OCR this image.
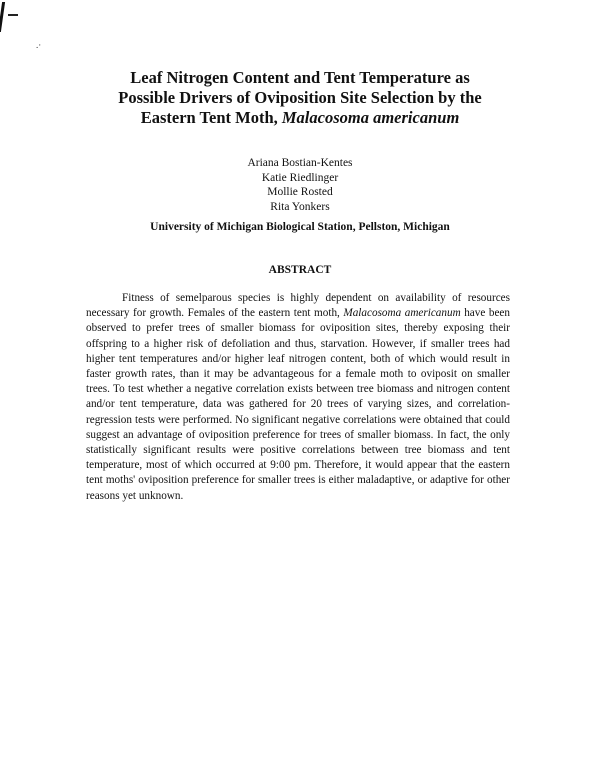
.·
Leaf Nitrogen Content and Tent Temperature as
Possible Drivers of Oviposition Site Selection by the
Eastern Tent Moth, Malacosoma americanum
Ariana Bostian-Kentes
Katie Riedlinger
Mollie Rosted
Rita Yonkers
University of Michigan Biological Station, Pellston, Michigan
ABSTRACT

Fitness of semelparous species is highly dependent on availability of resources necessary for growth. Females of the eastern tent moth, Malacosoma americanum have been observed to prefer trees of smaller biomass for oviposition sites, thereby exposing their offspring to a higher risk of defoliation and thus, starvation. However, if smaller trees had higher tent temperatures and/or higher leaf nitrogen content, both of which would result in faster growth rates, than it may be advantageous for a female moth to oviposit on smaller trees. To test whether a negative correlation exists between tree biomass and nitrogen content and/or tent temperature, data was gathered for 20 trees of varying sizes, and correlation-regression tests were performed. No significant negative correlations were obtained that could suggest an advantage of oviposition preference for trees of smaller biomass. In fact, the only statistically significant results were positive correlations between tree biomass and tent temperature, most of which occurred at 9:00 pm. Therefore, it would appear that the eastern tent moths' oviposition preference for smaller trees is either maladaptive, or adaptive for other reasons yet unknown.
